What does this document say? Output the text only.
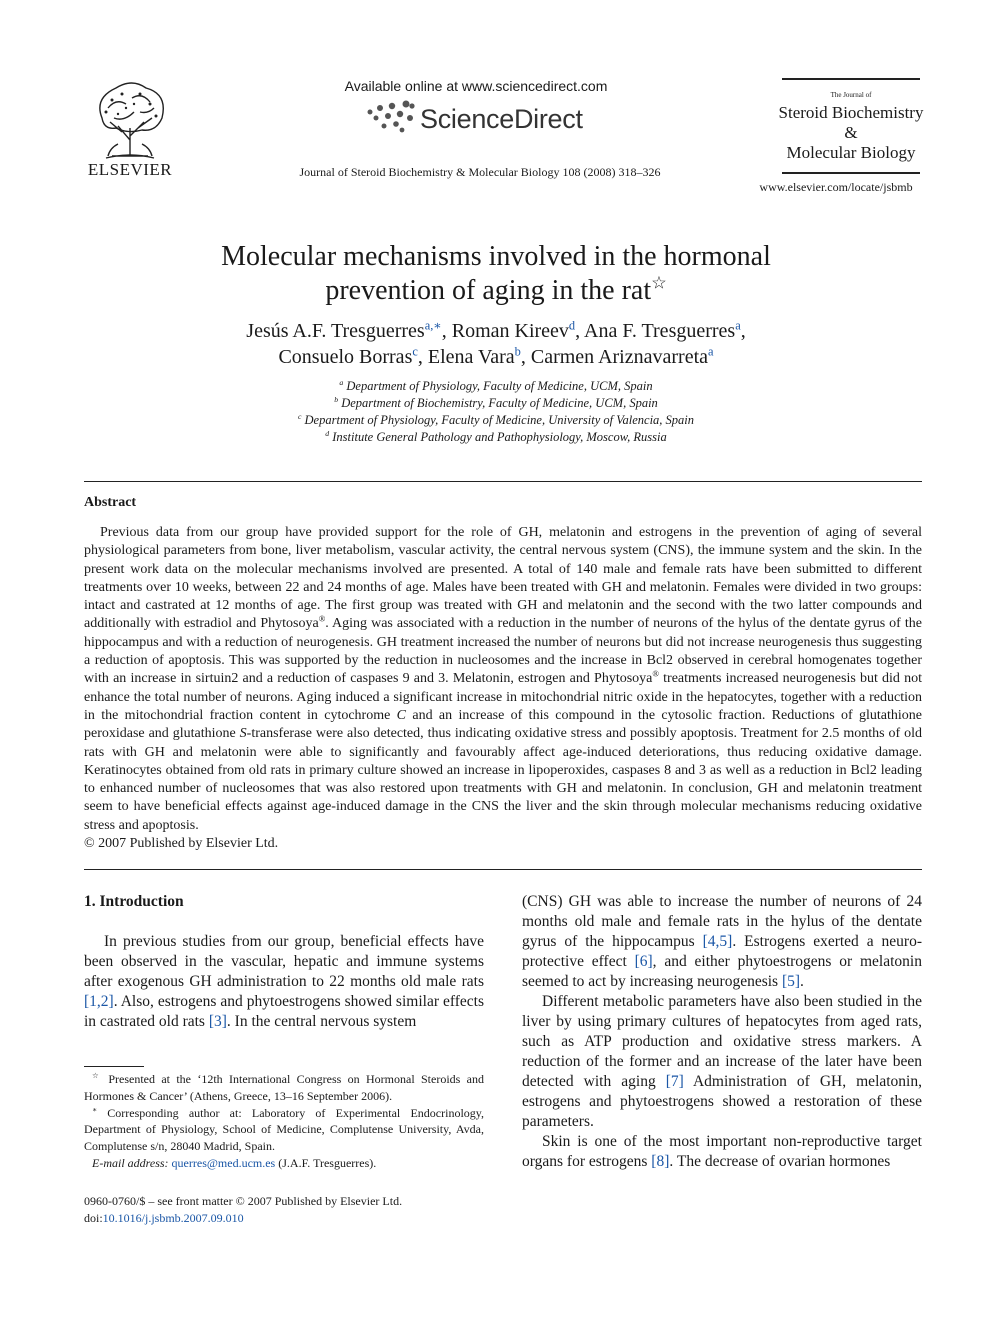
ELSEVIER
Available online at www.sciencedirect.com
ScienceDirect
Journal of Steroid Biochemistry & Molecular Biology 108 (2008) 318–326
The Journal of
Steroid Biochemistry
&
Molecular Biology
www.elsevier.com/locate/jsbmb
Molecular mechanisms involved in the hormonal
prevention of aging in the rat☆
Jesús A.F. Tresguerres$^{a,∗}$, Roman Kireev$^d$, Ana F. Tresguerres$^a$,
Consuelo Borras$^c$, Elena Vara$^b$, Carmen Ariznavarreta$^a$
$^a$ Department of Physiology, Faculty of Medicine, UCM, Spain
$^b$ Department of Biochemistry, Faculty of Medicine, UCM, Spain
$^c$ Department of Physiology, Faculty of Medicine, University of Valencia, Spain
$^d$ Institute General Pathology and Pathophysiology, Moscow, Russia
Abstract

Previous data from our group have provided support for the role of GH, melatonin and estrogens in the prevention of aging of several physiological parameters from bone, liver metabolism, vascular activity, the central nervous system (CNS), the immune system and the skin. In the present work data on the molecular mechanisms involved are presented. A total of 140 male and female rats have been submitted to different treatments over 10 weeks, between 22 and 24 months of age. Males have been treated with GH and melatonin. Females were divided in two groups: intact and castrated at 12 months of age. The first group was treated with GH and melatonin and the second with the two latter compounds and additionally with estradiol and Phytosoya®. Aging was associated with a reduction in the number of neurons of the hylus of the dentate gyrus of the hippocampus and with a reduction of neurogenesis. GH treatment increased the number of neurons but did not increase neurogenesis thus suggesting a reduction of apoptosis. This was supported by the reduction in nucleosomes and the increase in Bcl2 observed in cerebral homogenates together with an increase in sirtuin2 and a reduction of caspases 9 and 3. Melatonin, estrogen and Phytosoya® treatments increased neurogenesis but did not enhance the total number of neurons. Aging induced a significant increase in mitochondrial nitric oxide in the hepatocytes, together with a reduction in the mitochondrial fraction content in cytochrome C and an increase of this compound in the cytosolic fraction. Reductions of glutathione peroxidase and glutathione S-transferase were also detected, thus indicating oxidative stress and possibly apoptosis. Treatment for 2.5 months of old rats with GH and melatonin were able to significantly and favourably affect age-induced deteriorations, thus reducing oxidative damage. Keratinocytes obtained from old rats in primary culture showed an increase in lipoperoxides, caspases 8 and 3 as well as a reduction in Bcl2 leading to enhanced number of nucleosomes that was also restored upon treatments with GH and melatonin. In conclusion, GH and melatonin treatment seem to have beneficial effects against age-induced damage in the CNS the liver and the skin through molecular mechanisms reducing oxidative stress and apoptosis.

© 2007 Published by Elsevier Ltd.
1. Introduction

In previous studies from our group, beneficial effects have been observed in the vascular, hepatic and immune systems after exogenous GH administration to 22 months old male rats [1,2]. Also, estrogens and phytoestrogens showed similar effects in castrated old rats [3]. In the central nervous system

(CNS) GH was able to increase the number of neurons of 24 months old male and female rats in the hylus of the dentate gyrus of the hippocampus [4,5]. Estrogens exerted a neuro-protective effect [6], and either phytoestrogens or melatonin seemed to act by increasing neurogenesis [5].

Different metabolic parameters have also been studied in the liver by using primary cultures of hepatocytes from aged rats, such as ATP production and oxidative stress markers. A reduction of the former and an increase of the later have been detected with aging [7] Administration of GH, melatonin, estrogens and phytoestrogens showed a restoration of these parameters.

Skin is one of the most important non-reproductive target organs for estrogens [8]. The decrease of ovarian hormones

☆ Presented at the ‘12th International Congress on Hormonal Steroids and Hormones & Cancer’ (Athens, Greece, 13–16 September 2006).

∗ Corresponding author at: Laboratory of Experimental Endocrinology, Department of Physiology, School of Medicine, Complutense University, Avda, Complutense s/n, 28040 Madrid, Spain.

E-mail address: querres@med.ucm.es (J.A.F. Tresguerres).

0960-0760/$ – see front matter © 2007 Published by Elsevier Ltd.
doi:10.1016/j.jsbmb.2007.09.010
